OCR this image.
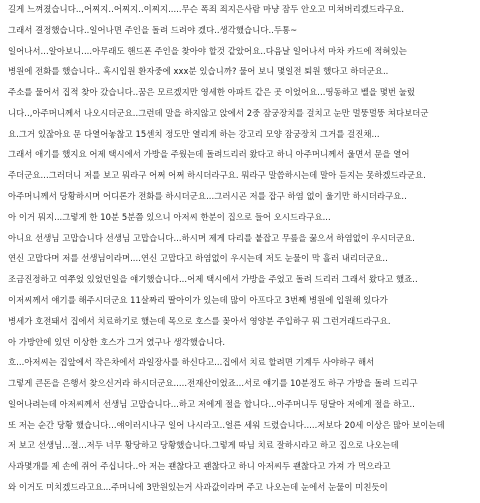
길게 느껴졌습니다..,어찌지..어찌지..이찌지.....무슨 폭죄 죄지은사람 마냥 잠두 안오고 미쳐버리겠드라구요.
그래서 결정했습니다..일어나면 주인을 돌려 드려야 겠다..생각했습니다..두통~
일어나서...알아보니....아무래도 핸드폰 주인을 찾아야 할것 같았어요..다음날 일어나서 마차 카드에 적혀있는
병원에 전화를 했습니다.. 혹시입원 환자중에 xxx분 있습니까? 물어 보니 몇일전 퇴원 했다고 하더군요..
주소를 물어서 집적 찾아 갔습니다..꿈은 모르겠지만 영세한 아파트 같은 곳 이었어요...띵동하고 벨을 몇번 눌렀
니다..,아주머니께서 나오시더군요..그런데 말을 하지않고 앉에서 2중 잠궁장치를 걸치고 눈만 멀뚱멀뚱 쳐다보더군
요.그거 있잖아요 문 다열어놓찮고 15센치 정도만 열리게 하는 강고리 모양 잠궁장치 그거를 걸진채...
그래서 애기를 했지요 어제 택시에서 가방을 주웠는데 돌려드리러 왔다고 하니 아주머니께서 울면서 문을 열어
주더군요...그러더니 저를 보고 뭐라구 어쩌 어쩌 하시더라구요. 뭐라구 말씀하시는데 말아 듣지는 못하겠드라군요.
아주머니께서 당황하시며 어디론가 전화를 하시더군요...그러시곤 저를 잡구 하염 없이 울기만 하시더라구요..
아 이거 뭐지...그렇게 한 10분 5분쯤 있으니 아저씨 한분이 집으로 들어 오시드라구요...
아니요 선생님 고맙습니다 선생님 고맙습니다...하시며 제게 다리를 붙잡고 무릎을 꿇으셔 하염없이 우시더군요.
연신 고맙다며 저를 선생님이라며....연신 고맙다고 하염없이 우시는데 저도 눈물이 막 흘러 내리더군요..
조금진정하고 여쭈었 있었던일을 얘기했습니다...어제 택시에서 가방을 주었고 돌려 드리러 그래서 왔다고 했죠..
이저씨께서 얘기를 해주시더군요 11살짜리 딸아이가 있는데 많이 아프다고 3번째 병원에 입원해 있다가
병세가 호전돼서 집에서 치료하기로 했는데 목으로 호스를 꽂아서 영양분 주입하구 뭐 그런거래드라구요.
아 가방안에 있던 이상한 호스가 그거 였구나 생각했습니다.
흐...아저씨는 집앞에서 작은차에서 과일장사를 하신다고...집에서 치료 할려면 기계두 사야하구 해서
그렇게 큰돈을 은행서 찾으신거라 하시더군요.....전재산이었죠...서로 얘기를 10분정도 하구 가방을 돌려 드리구
일어나려는데 아저씨께서 선생님 고맙습니다...하고 저에게 절을 합니다...아주머니두 덩달아 저에게 절을 하고..
또 저는 순간 당황 했습니다...얘이러시나구 일어 나시라고..얼른 세워 드렸습니다.....저보다 20세 이상은 많아 보이는데
저 보고 선생님...절...저두 너무 황당하고 당황했습니다.그렇게 따님 치료 잘하시라고 하고 집으로 나오는데
사과몇개를 제 손에 쥐어 주십니다..아 저는 괜찮다고 괜찮다고 하니 아저씨두 괜찮다고 가져 가 먹으라고
와 이거도 미치겠드라고요...주머니에 3만원있는거 사과값이라며 주고 나오는데 눈에서 눈물이 미친듯이
